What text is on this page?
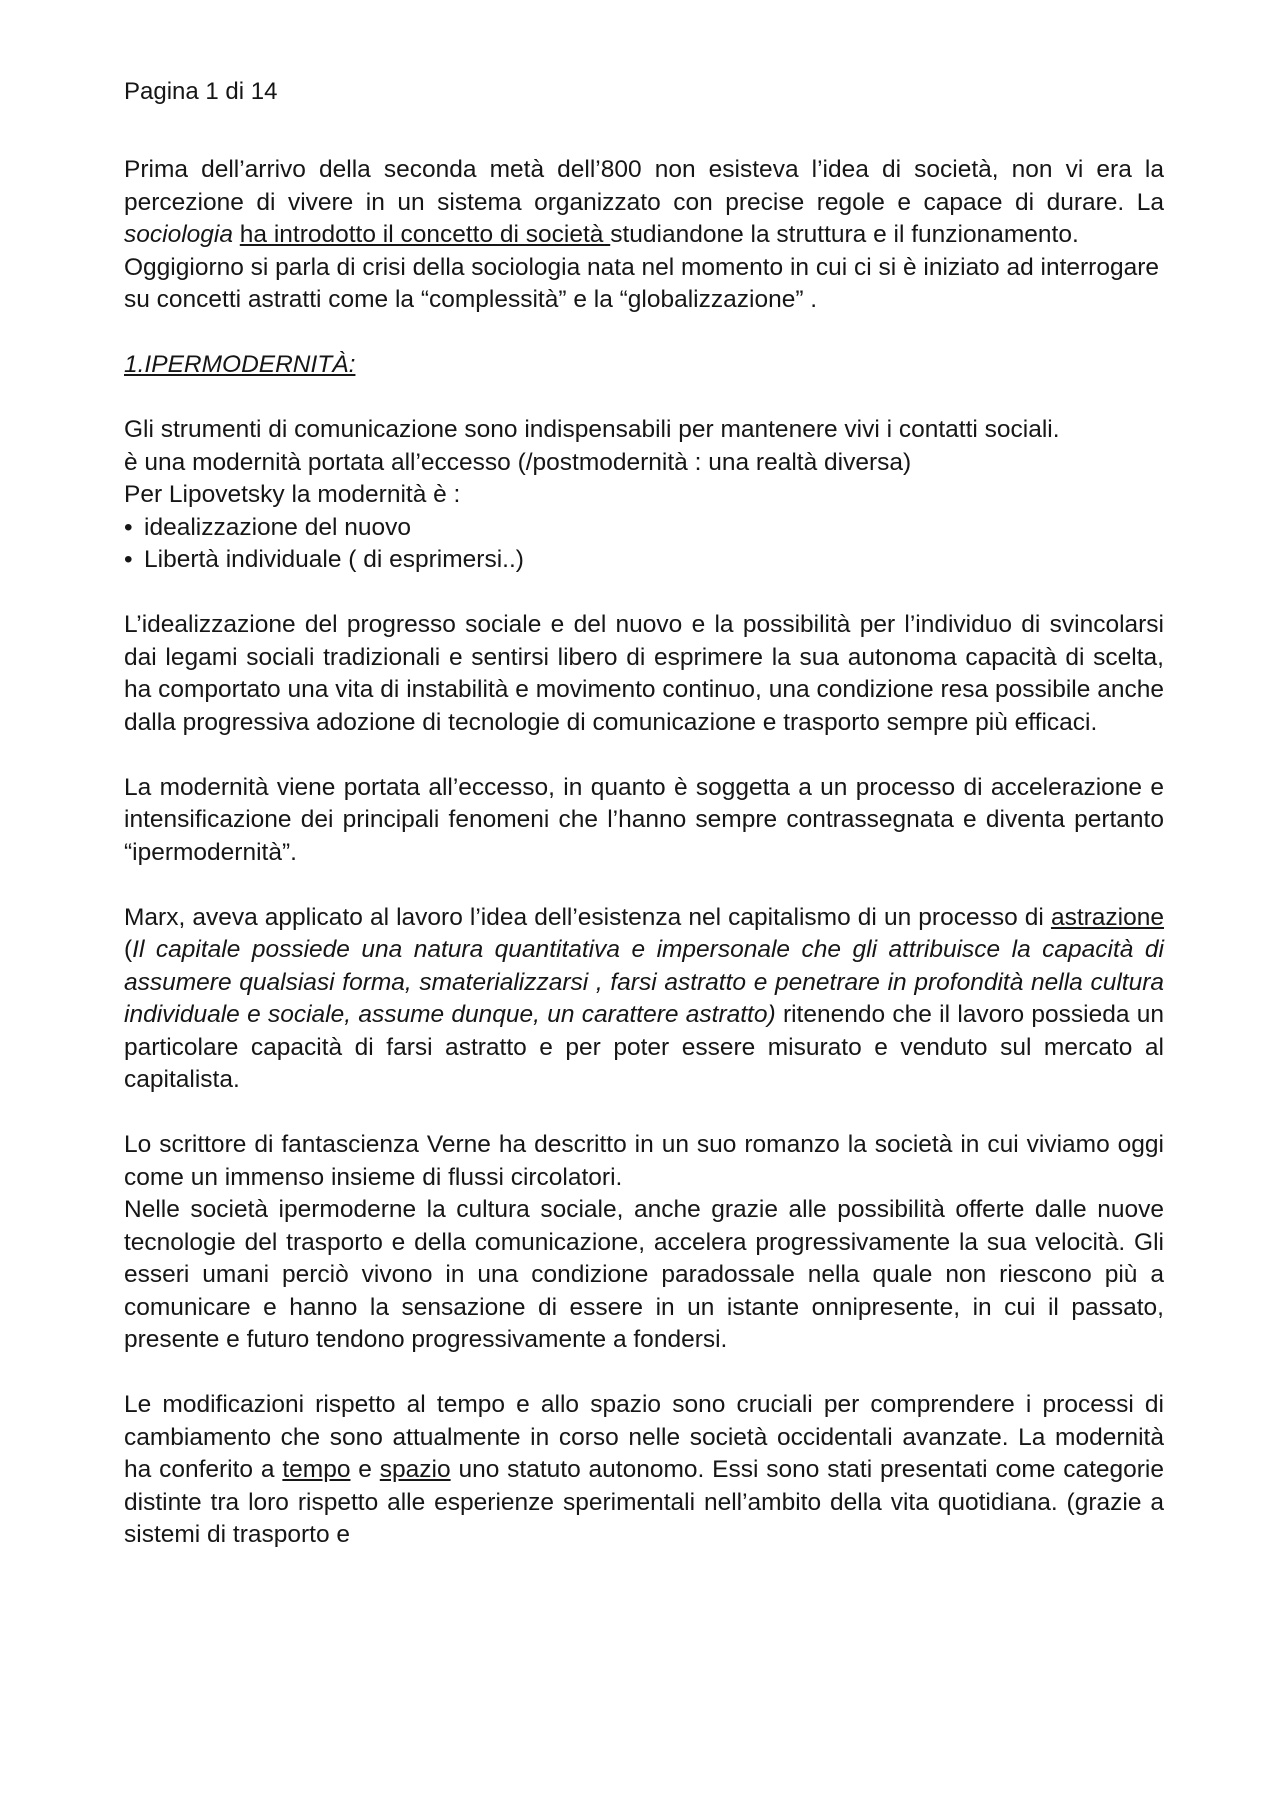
Pagina 1 di 14

Prima dell’arrivo della seconda metà dell’800 non esisteva l’idea di società, non vi era la percezione di vivere in un sistema organizzato con precise regole e capace di durare. La sociologia ha introdotto il concetto di società studiandone la struttura e il funzionamento.

Oggigiorno si parla di crisi della sociologia nata nel momento in cui ci si è iniziato ad interrogare su concetti astratti come la “complessità” e la “globalizzazione” .

1.IPERMODERNITÀ:

Gli strumenti di comunicazione sono indispensabili per mantenere vivi i contatti sociali.

è una modernità portata all’eccesso (/postmodernità : una realtà diversa)

Per Lipovetsky la modernità è :

• idealizzazione del nuovo

• Libertà individuale ( di esprimersi..)

L’idealizzazione del progresso sociale e del nuovo e la possibilità per l’individuo di svincolarsi dai legami sociali tradizionali e sentirsi libero di esprimere la sua autonoma capacità di scelta, ha comportato una vita di instabilità e movimento continuo, una condizione resa possibile anche dalla progressiva adozione di tecnologie di comunicazione e trasporto sempre più efficaci.

La modernità viene portata all’eccesso, in quanto è soggetta a un processo di accelerazione e intensificazione dei principali fenomeni che l’hanno sempre contrassegnata e diventa pertanto “ipermodernità”.

Marx, aveva applicato al lavoro l’idea dell’esistenza nel capitalismo di un processo di astrazione (Il capitale possiede una natura quantitativa e impersonale che gli attribuisce la capacità di assumere qualsiasi forma, smaterializzarsi , farsi astratto e penetrare in profondità nella cultura individuale e sociale, assume dunque, un carattere astratto) ritenendo che il lavoro possieda un particolare capacità di farsi astratto e per poter essere misurato e venduto sul mercato al capitalista.

Lo scrittore di fantascienza Verne ha descritto in un suo romanzo la società in cui viviamo oggi come un immenso insieme di flussi circolatori.

Nelle società ipermoderne la cultura sociale, anche grazie alle possibilità offerte dalle nuove tecnologie del trasporto e della comunicazione, accelera progressivamente la sua velocità. Gli esseri umani perciò vivono in una condizione paradossale nella quale non riescono più a comunicare e hanno la sensazione di essere in un istante onnipresente, in cui il passato, presente e futuro tendono progressivamente a fondersi.

Le modificazioni rispetto al tempo e allo spazio sono cruciali per comprendere i processi di cambiamento che sono attualmente in corso nelle società occidentali avanzate. La modernità ha conferito a tempo e spazio uno statuto autonomo. Essi sono stati presentati come categorie distinte tra loro rispetto alle esperienze sperimentali nell’ambito della vita quotidiana. (grazie a sistemi di trasporto e
